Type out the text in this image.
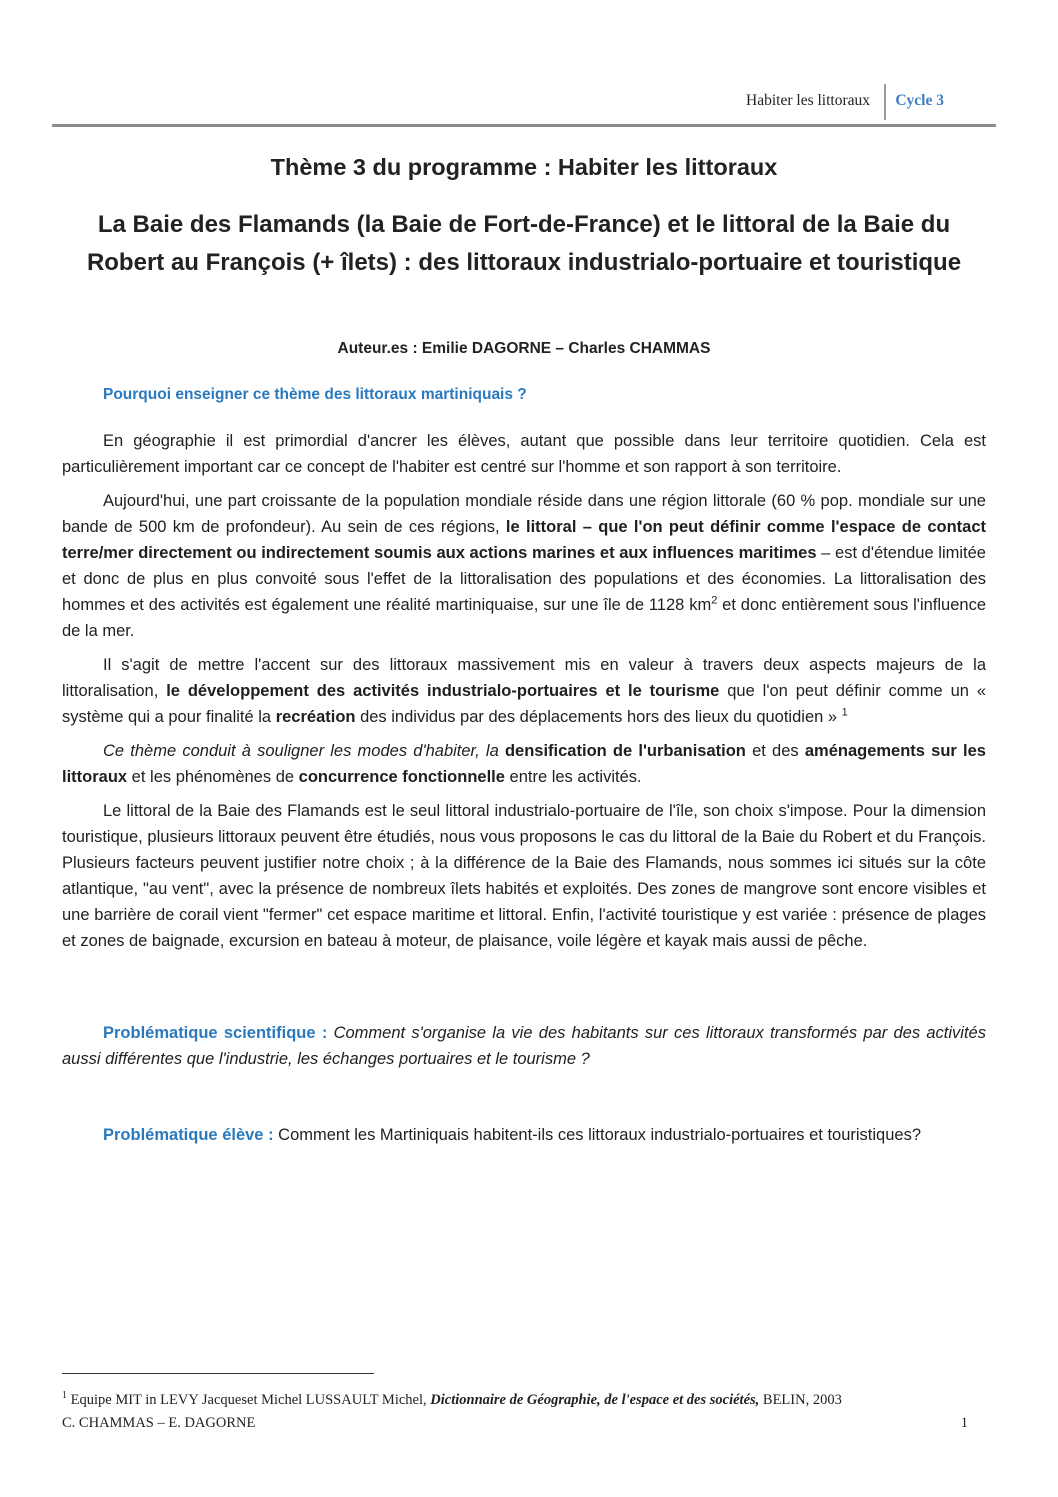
Habiter les littoraux Cycle 3
Thème 3 du programme : Habiter les littoraux
La Baie des Flamands (la Baie de Fort-de-France) et le littoral de la Baie du Robert au François (+ îlets) : des littoraux industrialo-portuaire et touristique
Auteur.es : Emilie DAGORNE – Charles CHAMMAS

Pourquoi enseigner ce thème des littoraux martiniquais ?

En géographie il est primordial d'ancrer les élèves, autant que possible dans leur territoire quotidien. Cela est particulièrement important car ce concept de l'habiter est centré sur l'homme et son rapport à son territoire.

Aujourd'hui, une part croissante de la population mondiale réside dans une région littorale (60 % pop. mondiale sur une bande de 500 km de profondeur). Au sein de ces régions, le littoral – que l'on peut définir comme l'espace de contact terre/mer directement ou indirectement soumis aux actions marines et aux influences maritimes – est d'étendue limitée et donc de plus en plus convoité sous l'effet de la littoralisation des populations et des économies. La littoralisation des hommes et des activités est également une réalité martiniquaise, sur une île de 1128 $km^2$ et donc entièrement sous l'influence de la mer.

Il s'agit de mettre l'accent sur des littoraux massivement mis en valeur à travers deux aspects majeurs de la littoralisation, le développement des activités industrialo-portuaires et le tourisme que l'on peut définir comme un « système qui a pour finalité la recréation des individus par des déplacements hors des lieux du quotidien » $^1$

Ce thème conduit à souligner les modes d'habiter, la densification de l'urbanisation et des aménagements sur les littoraux et les phénomènes de concurrence fonctionnelle entre les activités.

Le littoral de la Baie des Flamands est le seul littoral industrialo-portuaire de l'île, son choix s'impose. Pour la dimension touristique, plusieurs littoraux peuvent être étudiés, nous vous proposons le cas du littoral de la Baie du Robert et du François. Plusieurs facteurs peuvent justifier notre choix ; à la différence de la Baie des Flamands, nous sommes ici situés sur la côte atlantique, "au vent", avec la présence de nombreux îlets habités et exploités. Des zones de mangrove sont encore visibles et une barrière de corail vient "fermer" cet espace maritime et littoral. Enfin, l'activité touristique y est variée : présence de plages et zones de baignade, excursion en bateau à moteur, de plaisance, voile légère et kayak mais aussi de pêche.

Problématique scientifique : Comment s'organise la vie des habitants sur ces littoraux transformés par des activités aussi différentes que l'industrie, les échanges portuaires et le tourisme ?

Problématique élève : Comment les Martiniquais habitent-ils ces littoraux industrialo-portuaires et touristiques?

$^1$ Equipe MIT in LEVY Jacqueset Michel LUSSAULT Michel, Dictionnaire de Géographie, de l'espace et des sociétés, BELIN, 2003
C. CHAMMAS – E. DAGORNE	1
